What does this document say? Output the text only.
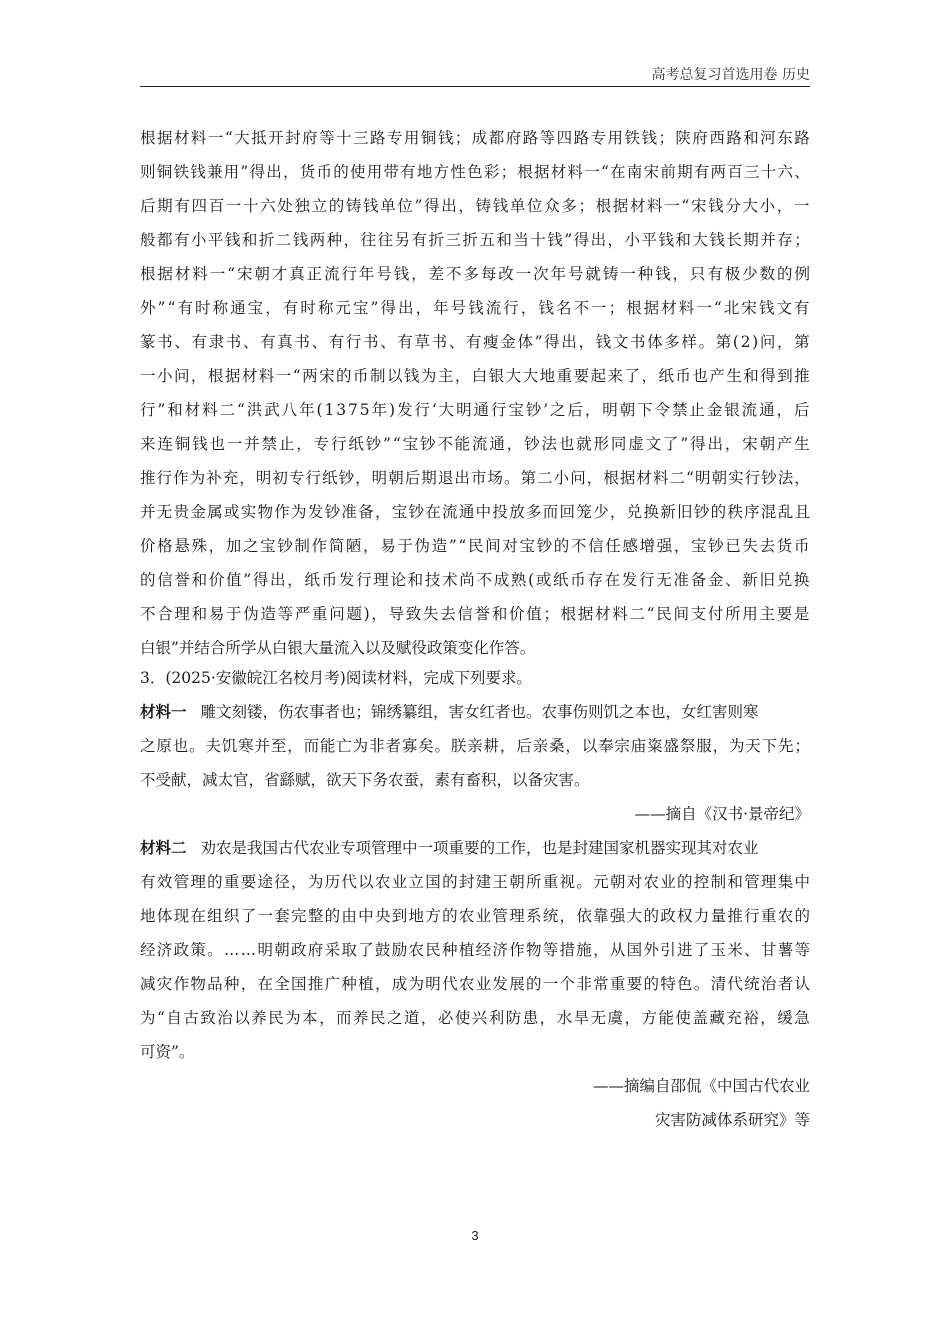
高考总复习首选用卷 历史
根 据 材 料 一 “ 大 抵 开 封 府 等 十 三 路 专 用 铜 钱 ； 成 都 府 路 等 四 路 专 用 铁 钱 ； 陕 府 西 路 和 河 东 路
则 铜 铁 钱 兼 用 ” 得 出 ， 货 币 的 使 用 带 有 地 方 性 色 彩 ； 根 据 材 料 一 “ 在 南 宋 前 期 有 两 百 三 十 六 、
后 期 有 四 百 一 十 六 处 独 立 的 铸 钱 单 位 ” 得 出 ， 铸 钱 单 位 众 多 ； 根 据 材 料 一 “ 宋 钱 分 大 小 ， 一
般 都 有 小 平 钱 和 折 二 钱 两 种 ， 往 往 另 有 折 三 折 五 和 当 十 钱 ” 得 出 ， 小 平 钱 和 大 钱 长 期 并 存 ；
根 据 材 料 一 “ 宋 朝 才 真 正 流 行 年 号 钱 ， 差 不 多 每 改 一 次 年 号 就 铸 一 种 钱 ， 只 有 极 少 数 的 例
外 ” “ 有 时 称 通 宝 ， 有 时 称 元 宝 ” 得 出 ， 年 号 钱 流 行 ， 钱 名 不 一 ； 根 据 材 料 一 “ 北 宋 钱 文 有
篆 书 、 有 隶 书 、 有 真 书 、 有 行 书 、 有 草 书 、 有 瘦 金 体 ” 得 出 ， 钱 文 书 体 多 样 。 第 ( 2 ) 问 ， 第
一 小 问 ， 根 据 材 料 一 “ 两 宋 的 币 制 以 钱 为 主 ， 白 银 大 大 地 重 要 起 来 了 ， 纸 币 也 产 生 和 得 到 推
行 ” 和 材 料 二 “ 洪 武 八 年 ( 1 3 7 5 年 ) 发 行 ‘ 大 明 通 行 宝 钞 ’ 之 后 ， 明 朝 下 令 禁 止 金 银 流 通 ， 后
来 连 铜 钱 也 一 并 禁 止 ， 专 行 纸 钞 ” “ 宝 钞 不 能 流 通 ， 钞 法 也 就 形 同 虚 文 了 ” 得 出 ， 宋 朝 产 生
推 行 作 为 补 充 ， 明 初 专 行 纸 钞 ， 明 朝 后 期 退 出 市 场 。 第 二 小 问 ， 根 据 材 料 二 “ 明 朝 实 行 钞 法 ，
并 无 贵 金 属 或 实 物 作 为 发 钞 准 备 ， 宝 钞 在 流 通 中 投 放 多 而 回 笼 少 ， 兑 换 新 旧 钞 的 秩 序 混 乱 且
价 格 悬 殊 ， 加 之 宝 钞 制 作 简 陋 ， 易 于 伪 造 ” “ 民 间 对 宝 钞 的 不 信 任 感 增 强 ， 宝 钞 已 失 去 货 币
的 信 誉 和 价 值 ” 得 出 ， 纸 币 发 行 理 论 和 技 术 尚 不 成 熟 ( 或 纸 币 存 在 发 行 无 准 备 金 、 新 旧 兑 换
不 合 理 和 易 于 伪 造 等 严 重 问 题 ) ， 导 致 失 去 信 誉 和 价 值 ； 根 据 材 料 二 “ 民 间 支 付 所 用 主 要 是
白银”并结合所学从白银大量流入以及赋役政策变化作答。
3．(2025·安徽皖江名校月考)阅读材料，完成下列要求。
材料一 雕文刻镂，伤农事者也；锦绣纂组，害女红者也。农事伤则饥之本也，女红害则寒
之 原 也 。 夫 饥 寒 并 至 ， 而 能 亡 为 非 者 寡 矣 。 朕 亲 耕 ， 后 亲 桑 ， 以 奉 宗 庙 粢 盛 祭 服 ， 为 天 下 先 ；
不受献，减太官，省繇赋，欲天下务农蚕，素有畜积，以备灾害。
——摘自《汉书·景帝纪》
材料二 劝农是我国古代农业专项管理中一项重要的工作，也是封建国家机器实现其对农业
有 效 管 理 的 重 要 途 径 ， 为 历 代 以 农 业 立 国 的 封 建 王 朝 所 重 视 。 元 朝 对 农 业 的 控 制 和 管 理 集 中
地 体 现 在 组 织 了 一 套 完 整 的 由 中 央 到 地 方 的 农 业 管 理 系 统 ， 依 靠 强 大 的 政 权 力 量 推 行 重 农 的
经 济 政 策 。 … … 明 朝 政 府 采 取 了 鼓 励 农 民 种 植 经 济 作 物 等 措 施 ， 从 国 外 引 进 了 玉 米 、 甘 薯 等
减 灾 作 物 品 种 ， 在 全 国 推 广 种 植 ， 成 为 明 代 农 业 发 展 的 一 个 非 常 重 要 的 特 色 。 清 代 统 治 者 认
为 “ 自 古 致 治 以 养 民 为 本 ， 而 养 民 之 道 ， 必 使 兴 利 防 患 ， 水 旱 无 虞 ， 方 能 使 盖 藏 充 裕 ， 缓 急
可资”。
——摘编自邵侃《中国古代农业
灾害防减体系研究》等
3
